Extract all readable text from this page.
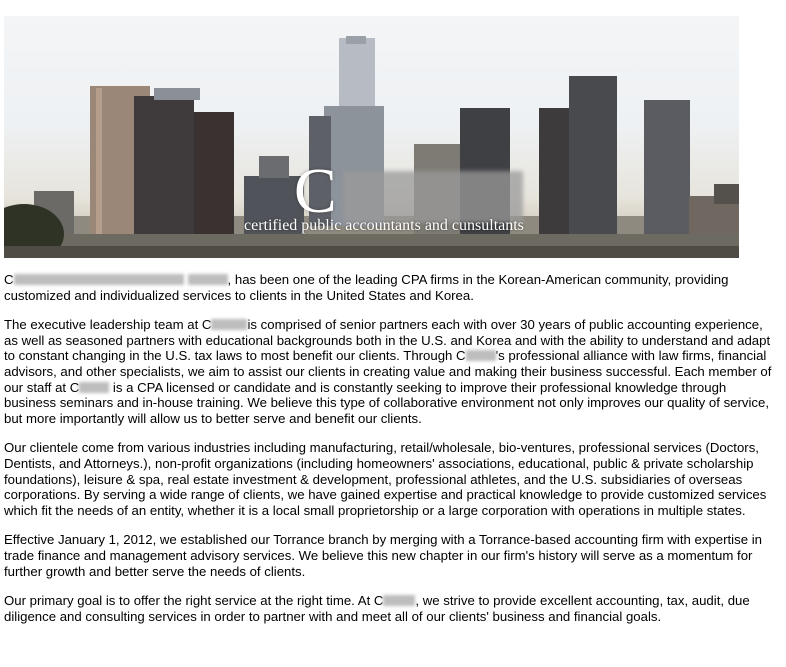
C
certified public accountants and cunsultants

C	, has been one of the leading CPA firms in the Korean-American community, providing customized and individualized services to clients in the United States and Korea.

The executive leadership team at C	is comprised of senior partners each with over 30 years of public accounting experience, as well as seasoned partners with educational backgrounds both in the U.S. and Korea and with the ability to understand and adapt to constant changing in the U.S. tax laws to most benefit our clients. Through C 's professional alliance with law firms, financial advisors, and other specialists, we aim to assist our clients in creating value and making their business successful. Each member of our staff at C is a CPA licensed or candidate and is constantly seeking to improve their professional knowledge through business seminars and in-house training. We believe this type of collaborative environment not only improves our quality of service, but more importantly will allow us to better serve and benefit our clients.

Our clientele come from various industries including manufacturing, retail/wholesale, bio-ventures, professional services (Doctors, Dentists, and Attorneys.), non-profit organizations (including homeowners' associations, educational, public & private scholarship foundations), leisure & spa, real estate investment & development, professional athletes, and the U.S. subsidiaries of overseas corporations. By serving a wide range of clients, we have gained expertise and practical knowledge to provide customized services which fit the needs of an entity, whether it is a local small proprietorship or a large corporation with operations in multiple states.

Effective January 1, 2012, we established our Torrance branch by merging with a Torrance-based accounting firm with expertise in trade finance and management advisory services. We believe this new chapter in our firm's history will serve as a momentum for further growth and better serve the needs of clients.

Our primary goal is to offer the right service at the right time. At C , we strive to provide excellent accounting, tax, audit, due diligence and consulting services in order to partner with and meet all of our clients' business and financial goals.
